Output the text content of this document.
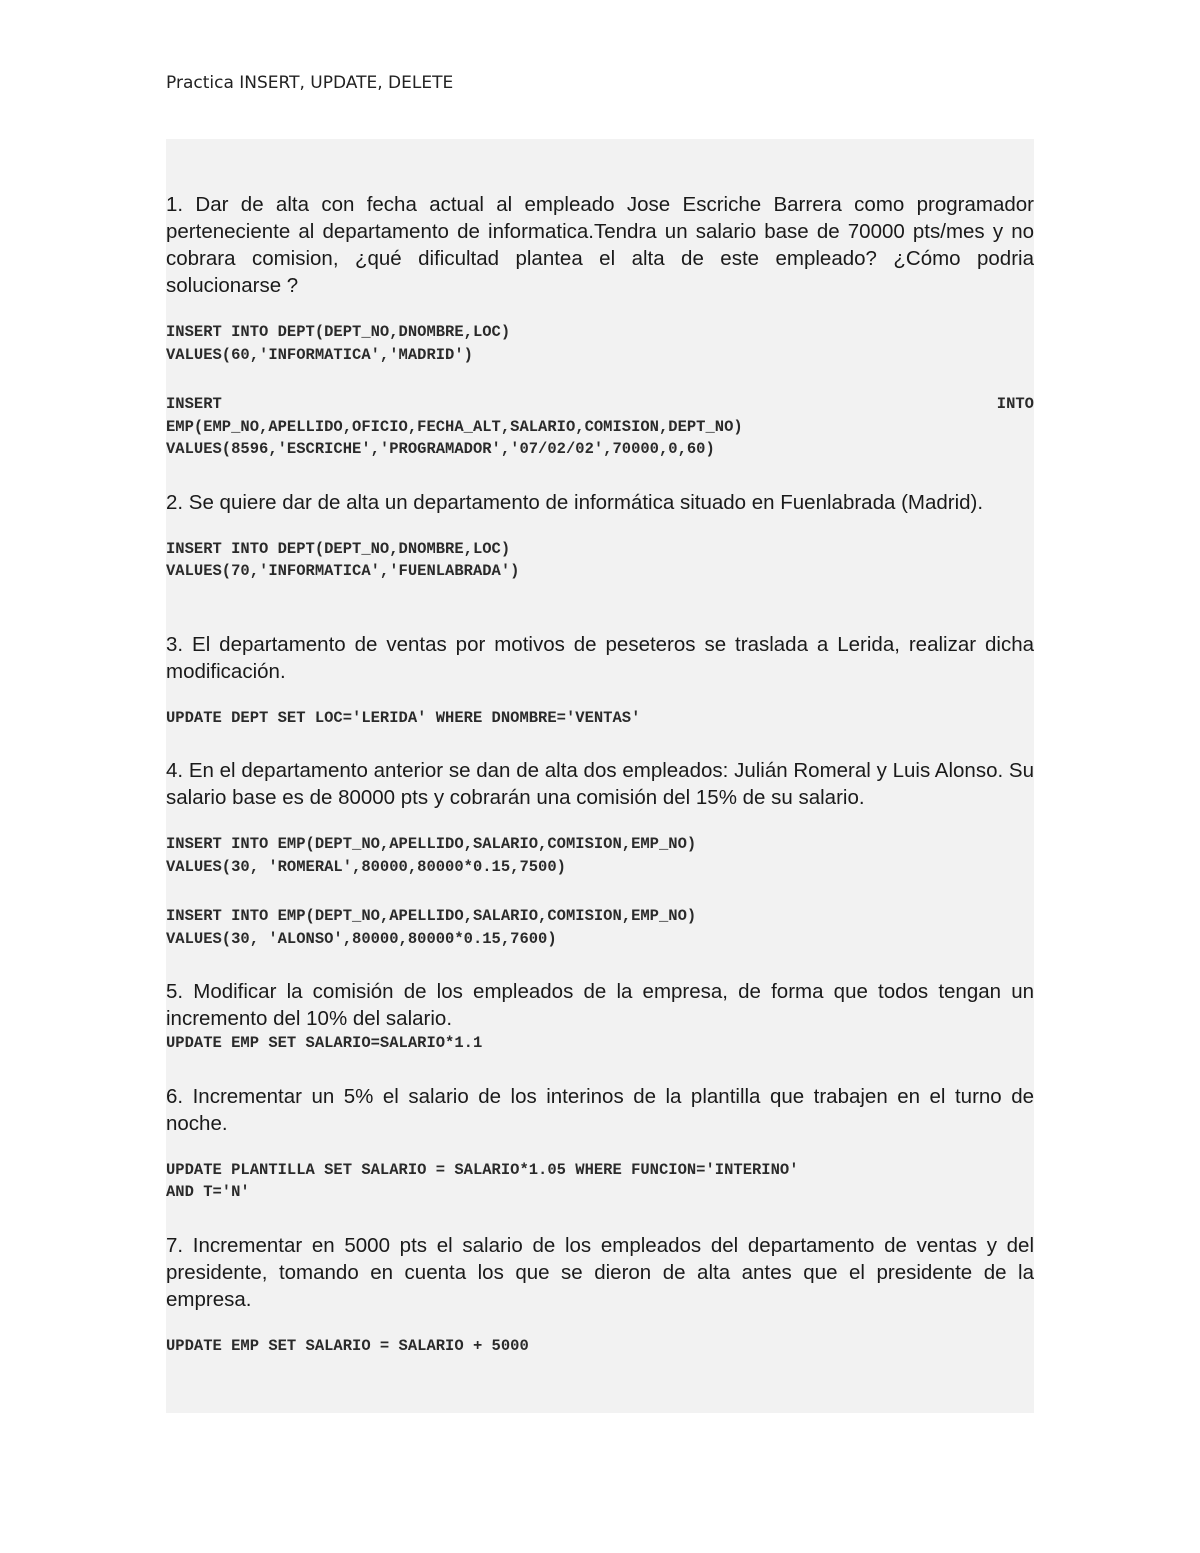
Practica INSERT, UPDATE, DELETE

1. Dar de alta con fecha actual al empleado Jose Escriche Barrera como programador perteneciente al departamento de informatica.Tendra un salario base de 70000 pts/mes y no cobrara comision, ¿qué dificultad plantea el alta de este empleado? ¿Cómo podria solucionarse ?

INSERT INTO DEPT(DEPT_NO,DNOMBRE,LOC)
VALUES(60,'INFORMATICA','MADRID')
INSERT	INTO
EMP(EMP_NO,APELLIDO,OFICIO,FECHA_ALT,SALARIO,COMISION,DEPT_NO)
VALUES(8596,'ESCRICHE','PROGRAMADOR','07/02/02',70000,0,60)

2. Se quiere dar de alta un departamento de informática situado en Fuenlabrada (Madrid).

INSERT INTO DEPT(DEPT_NO,DNOMBRE,LOC)
VALUES(70,'INFORMATICA','FUENLABRADA')

3. El departamento de ventas por motivos de peseteros se traslada a Lerida, realizar dicha modificación.

UPDATE DEPT SET LOC='LERIDA' WHERE DNOMBRE='VENTAS'

4. En el departamento anterior se dan de alta dos empleados: Julián Romeral y Luis Alonso. Su salario base es de 80000 pts y cobrarán una comisión del 15% de su salario.

INSERT INTO EMP(DEPT_NO,APELLIDO,SALARIO,COMISION,EMP_NO)
VALUES(30, 'ROMERAL',80000,80000*0.15,7500)
INSERT INTO EMP(DEPT_NO,APELLIDO,SALARIO,COMISION,EMP_NO)
VALUES(30, 'ALONSO',80000,80000*0.15,7600)

5. Modificar la comisión de los empleados de la empresa, de forma que todos tengan un incremento del 10% del salario.

UPDATE EMP SET SALARIO=SALARIO*1.1

6. Incrementar un 5% el salario de los interinos de la plantilla que trabajen en el turno de noche.

UPDATE PLANTILLA SET SALARIO = SALARIO*1.05 WHERE FUNCION='INTERINO'
AND T='N'

7. Incrementar en 5000 pts el salario de los empleados del departamento de ventas y del presidente, tomando en cuenta los que se dieron de alta antes que el presidente de la empresa.

UPDATE EMP SET SALARIO = SALARIO + 5000
